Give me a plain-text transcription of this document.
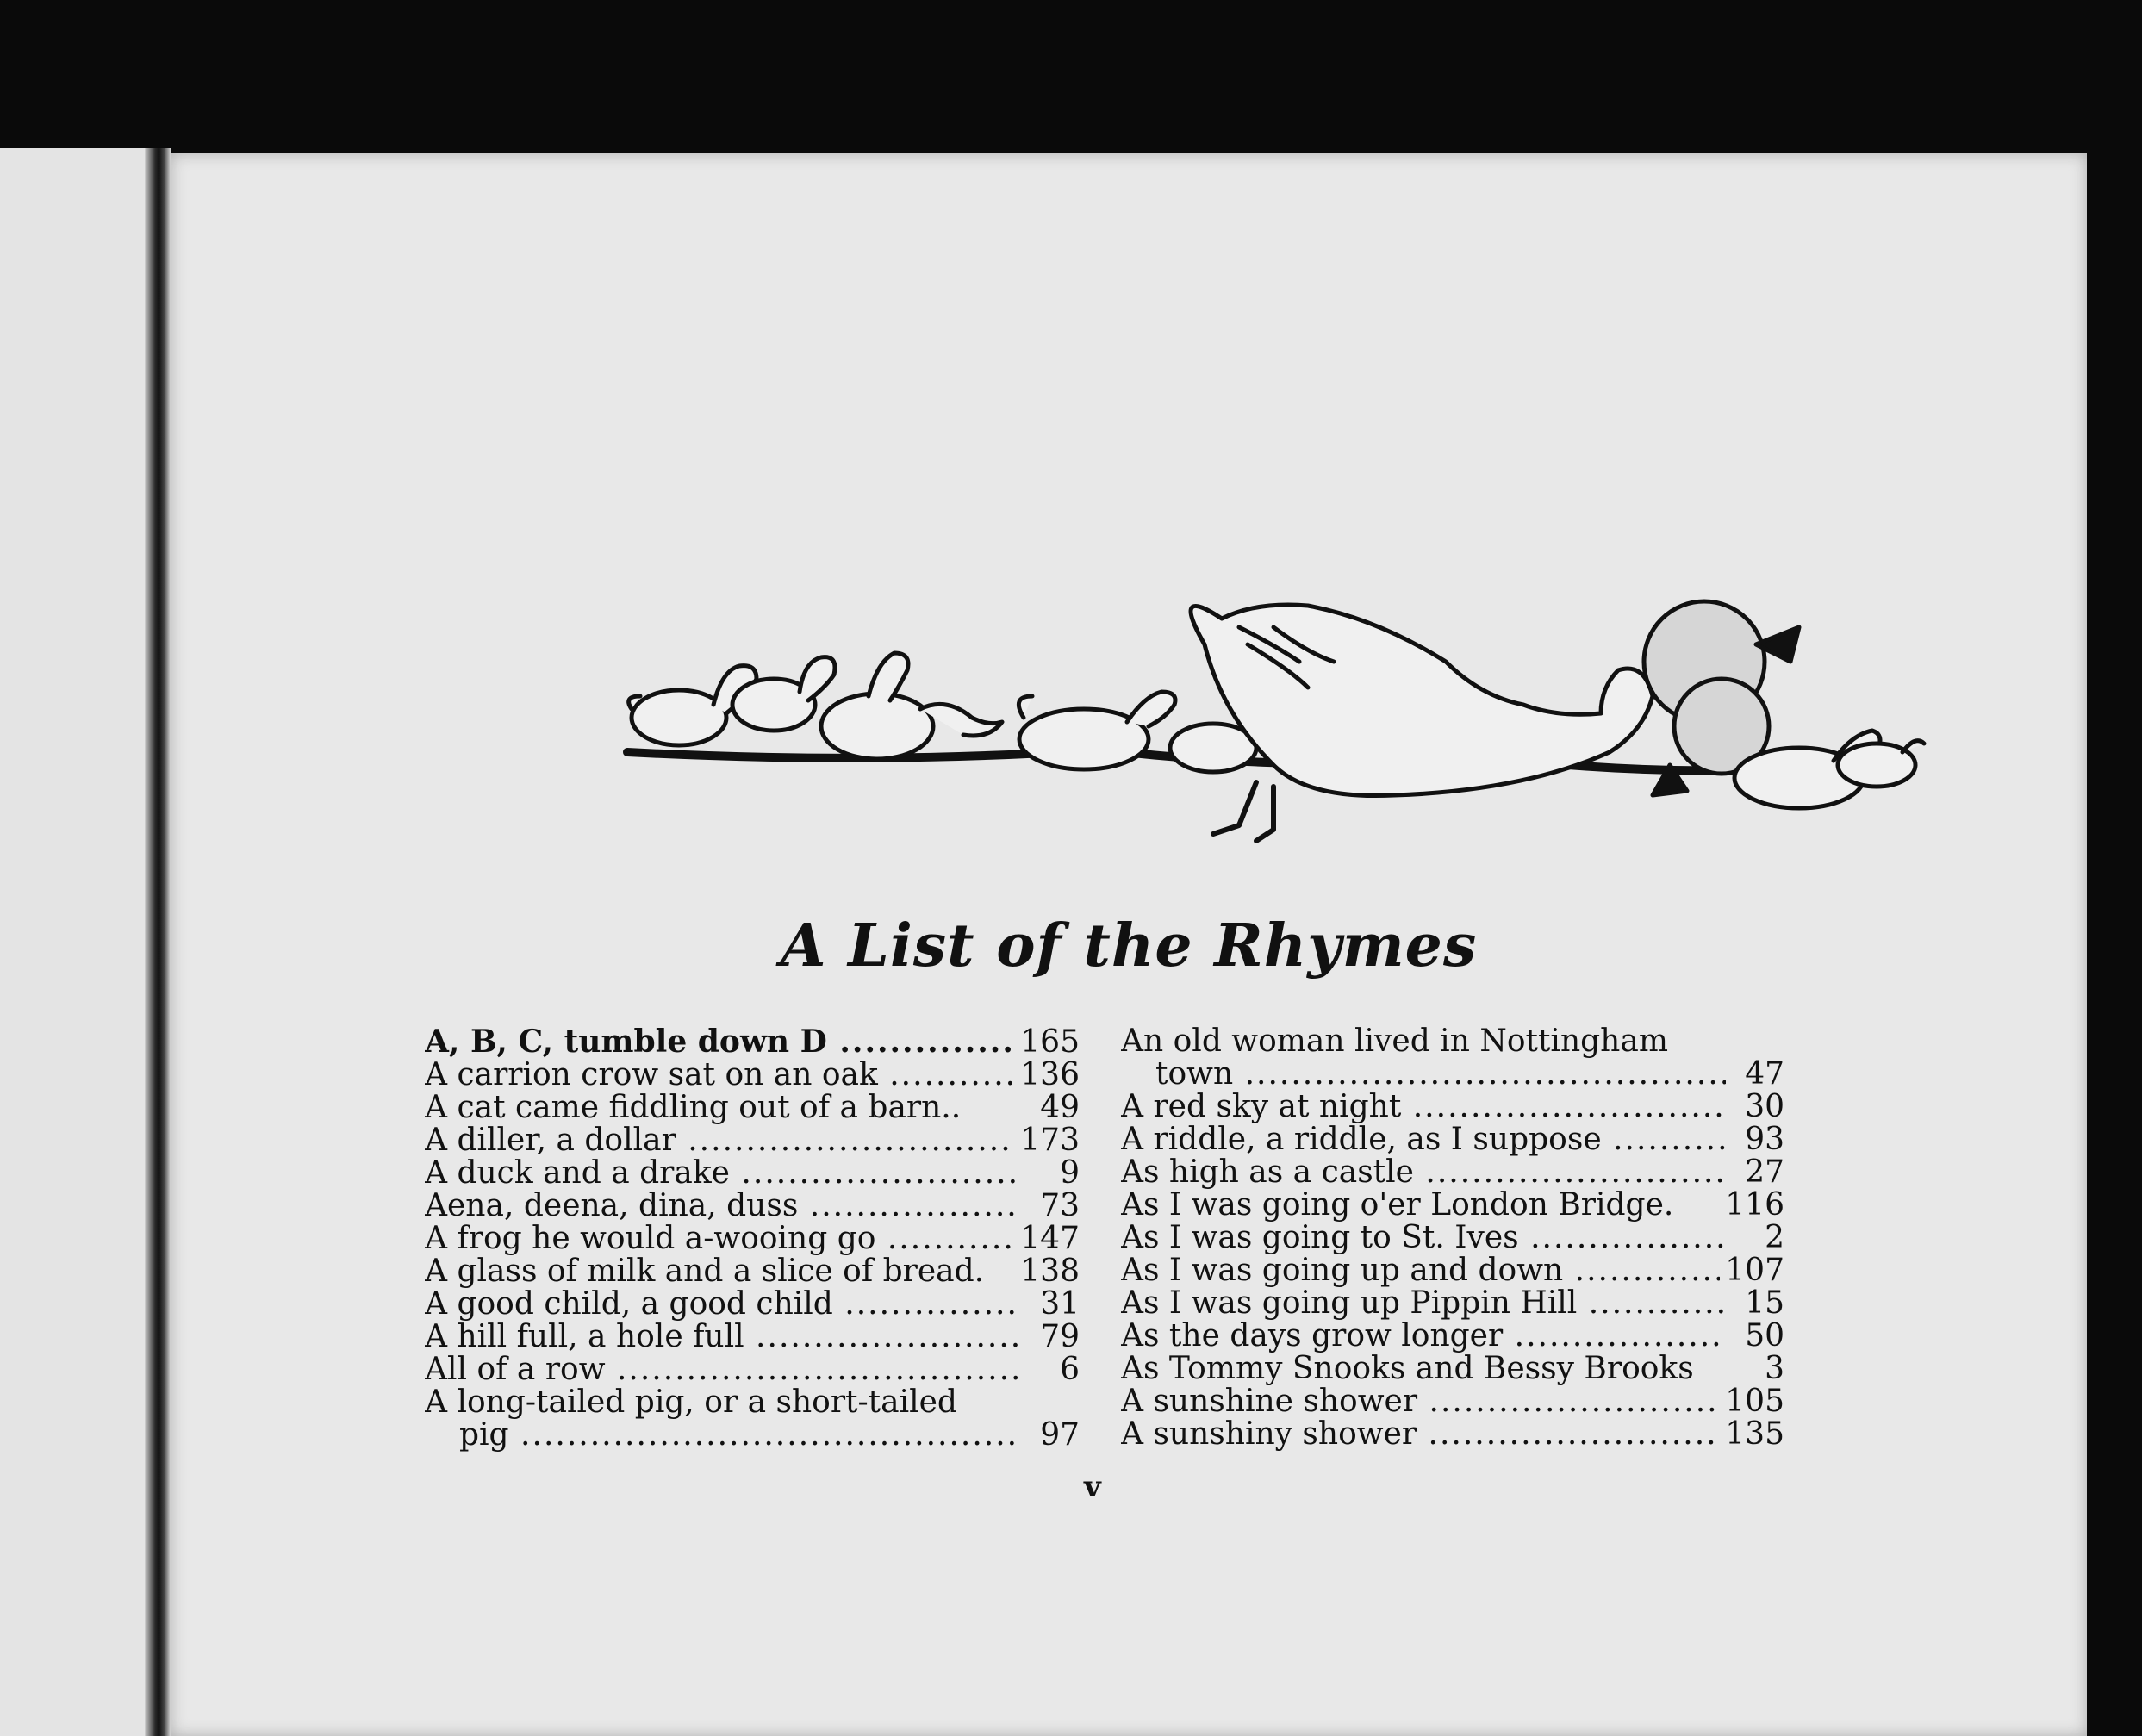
A List of the Rhymes
A, B, C, tumble down D .....	165
A carrion crow sat on an oak .....	136
A cat came fiddling out of a barn..	49
A diller, a dollar .....	173
A duck and a drake .....	9
Aena, deena, dina, duss .....	73
A frog he would a-wooing go .....	147
A glass of milk and a slice of bread.	138
A good child, a good child .....	31
A hill full, a hole full .....	79
All of a row .....	6
A long-tailed pig, or a short-tailed
pig .....	97
An old woman lived in Nottingham
town .....	47
A red sky at night .....	30
A riddle, a riddle, as I suppose .....	93
As high as a castle .....	27
As I was going o'er London Bridge.	116
As I was going to St. Ives .....	2
As I was going up and down .....	107
As I was going up Pippin Hill .....	15
As the days grow longer .....	50
As Tommy Snooks and Bessy Brooks	3
A sunshine shower .....	105
A sunshiny shower .....	135
v
